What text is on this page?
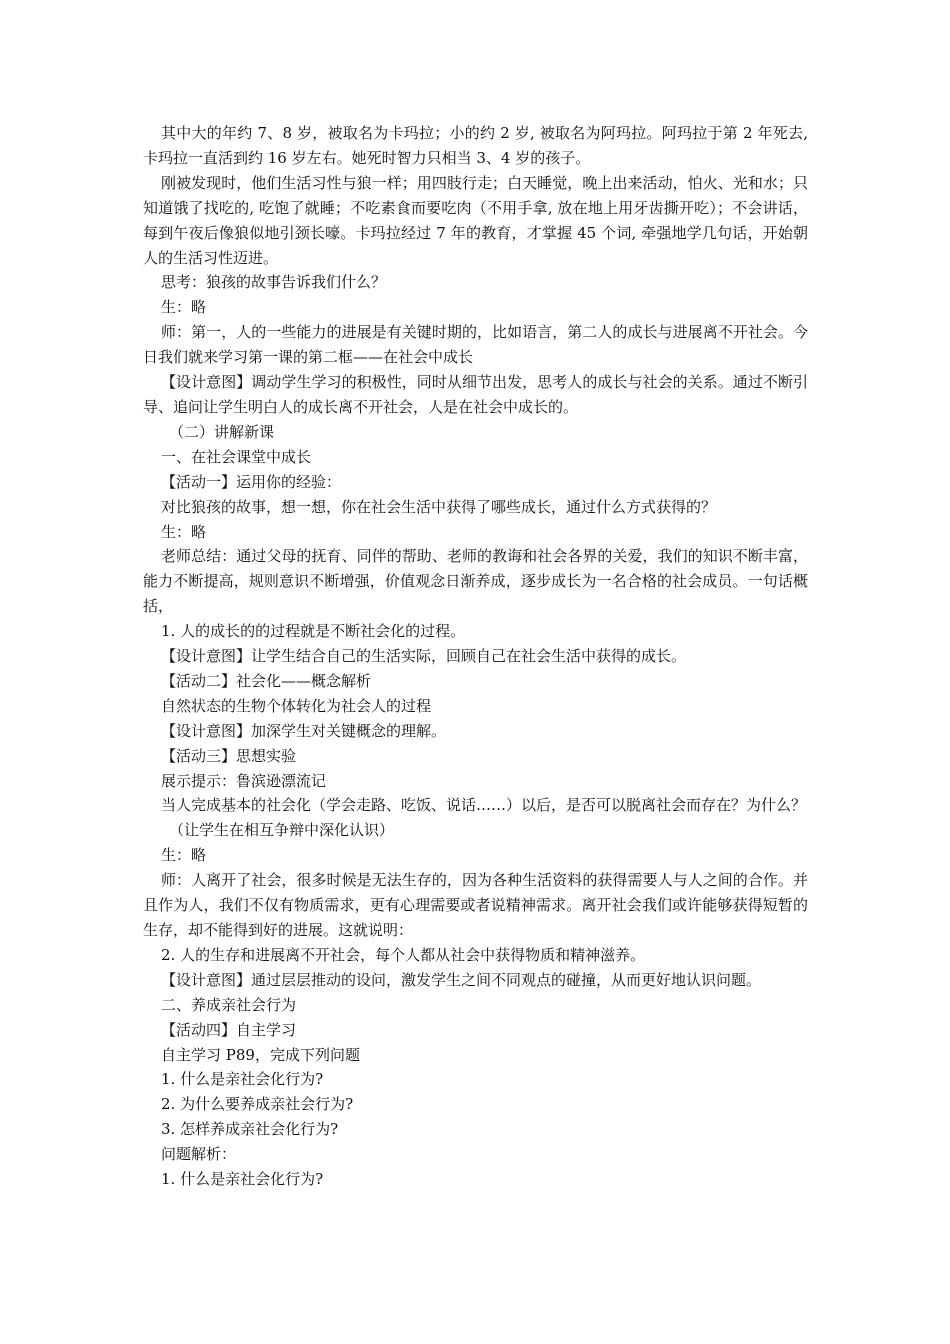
其中大的年约 7、8 岁，被取名为卡玛拉；小的约 2 岁, 被取名为阿玛拉。阿玛拉于第 2 年死去, 卡玛拉一直活到约 16 岁左右。她死时智力只相当 3、4 岁的孩子。

刚被发现时，他们生活习性与狼一样；用四肢行走；白天睡觉，晚上出来活动，怕火、光和水；只知道饿了找吃的, 吃饱了就睡；不吃素食而要吃肉（不用手拿, 放在地上用牙齿撕开吃）；不会讲话，每到午夜后像狼似地引颈长嚎。卡玛拉经过 7 年的教育，才掌握 45 个词, 牵强地学几句话，开始朝人的生活习性迈进。

思考：狼孩的故事告诉我们什么？

生：略

师：第一，人的一些能力的进展是有关键时期的，比如语言，第二人的成长与进展离不开社会。今日我们就来学习第一课的第二框——在社会中成长

【设计意图】调动学生学习的积极性，同时从细节出发，思考人的成长与社会的关系。通过不断引导、追问让学生明白人的成长离不开社会，人是在社会中成长的。

（二）讲解新课

一、在社会课堂中成长

【活动一】运用你的经验：

对比狼孩的故事，想一想，你在社会生活中获得了哪些成长，通过什么方式获得的？

生：略

老师总结：通过父母的抚育、同伴的帮助、老师的教诲和社会各界的关爱，我们的知识不断丰富，能力不断提高，规则意识不断增强，价值观念日渐养成，逐步成长为一名合格的社会成员。一句话概括，

1. 人的成长的的过程就是不断社会化的过程。

【设计意图】让学生结合自己的生活实际，回顾自己在社会生活中获得的成长。

【活动二】社会化——概念解析

自然状态的生物个体转化为社会人的过程

【设计意图】加深学生对关键概念的理解。

【活动三】思想实验

展示提示：鲁滨逊漂流记

当人完成基本的社会化（学会走路、吃饭、说话……）以后，是否可以脱离社会而存在？为什么？

（让学生在相互争辩中深化认识）

生：略

师：人离开了社会，很多时候是无法生存的，因为各种生活资料的获得需要人与人之间的合作。并且作为人，我们不仅有物质需求，更有心理需要或者说精神需求。离开社会我们或许能够获得短暂的生存，却不能得到好的进展。这就说明：

2. 人的生存和进展离不开社会，每个人都从社会中获得物质和精神滋养。

【设计意图】通过层层推动的设问，激发学生之间不同观点的碰撞，从而更好地认识问题。

二、养成亲社会行为

【活动四】自主学习

自主学习 P89，完成下列问题

1. 什么是亲社会化行为?

2. 为什么要养成亲社会行为?

3. 怎样养成亲社会化行为?

问题解析：

1. 什么是亲社会化行为?
